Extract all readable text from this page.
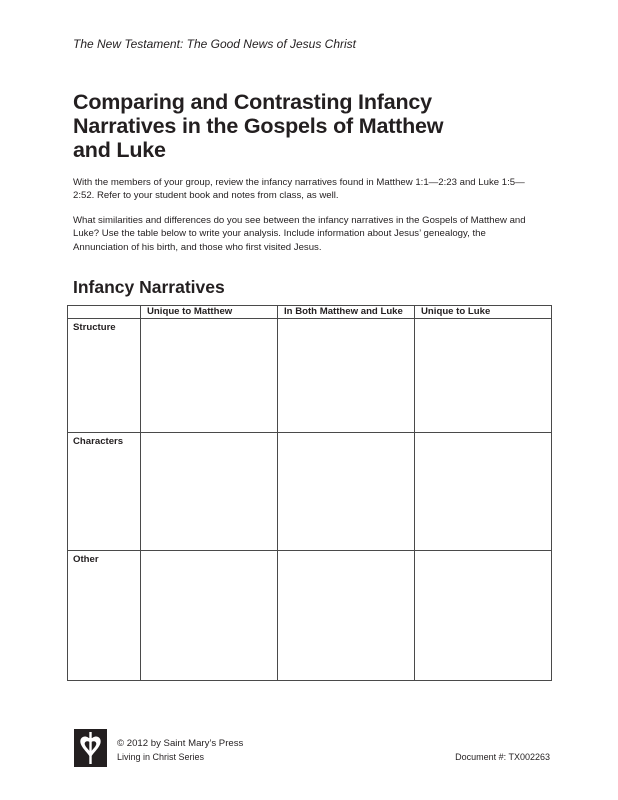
The New Testament: The Good News of Jesus Christ
Comparing and Contrasting Infancy
Narratives in the Gospels of Matthew
and Luke

With the members of your group, review the infancy narratives found in Matthew 1:1—2:23 and Luke 1:5—2:52. Refer to your student book and notes from class, as well.

What similarities and differences do you see between the infancy narratives in the Gospels of Matthew and Luke? Use the table below to write your analysis. Include information about Jesus’ genealogy, the Annunciation of his birth, and those who first visited Jesus.

Infancy Narratives
	Unique to Matthew	In Both Matthew and Luke	Unique to Luke
Structure			
Characters			
Other			
© 2012 by Saint Mary’s Press
Living in Christ Series	Document #: TX002263
